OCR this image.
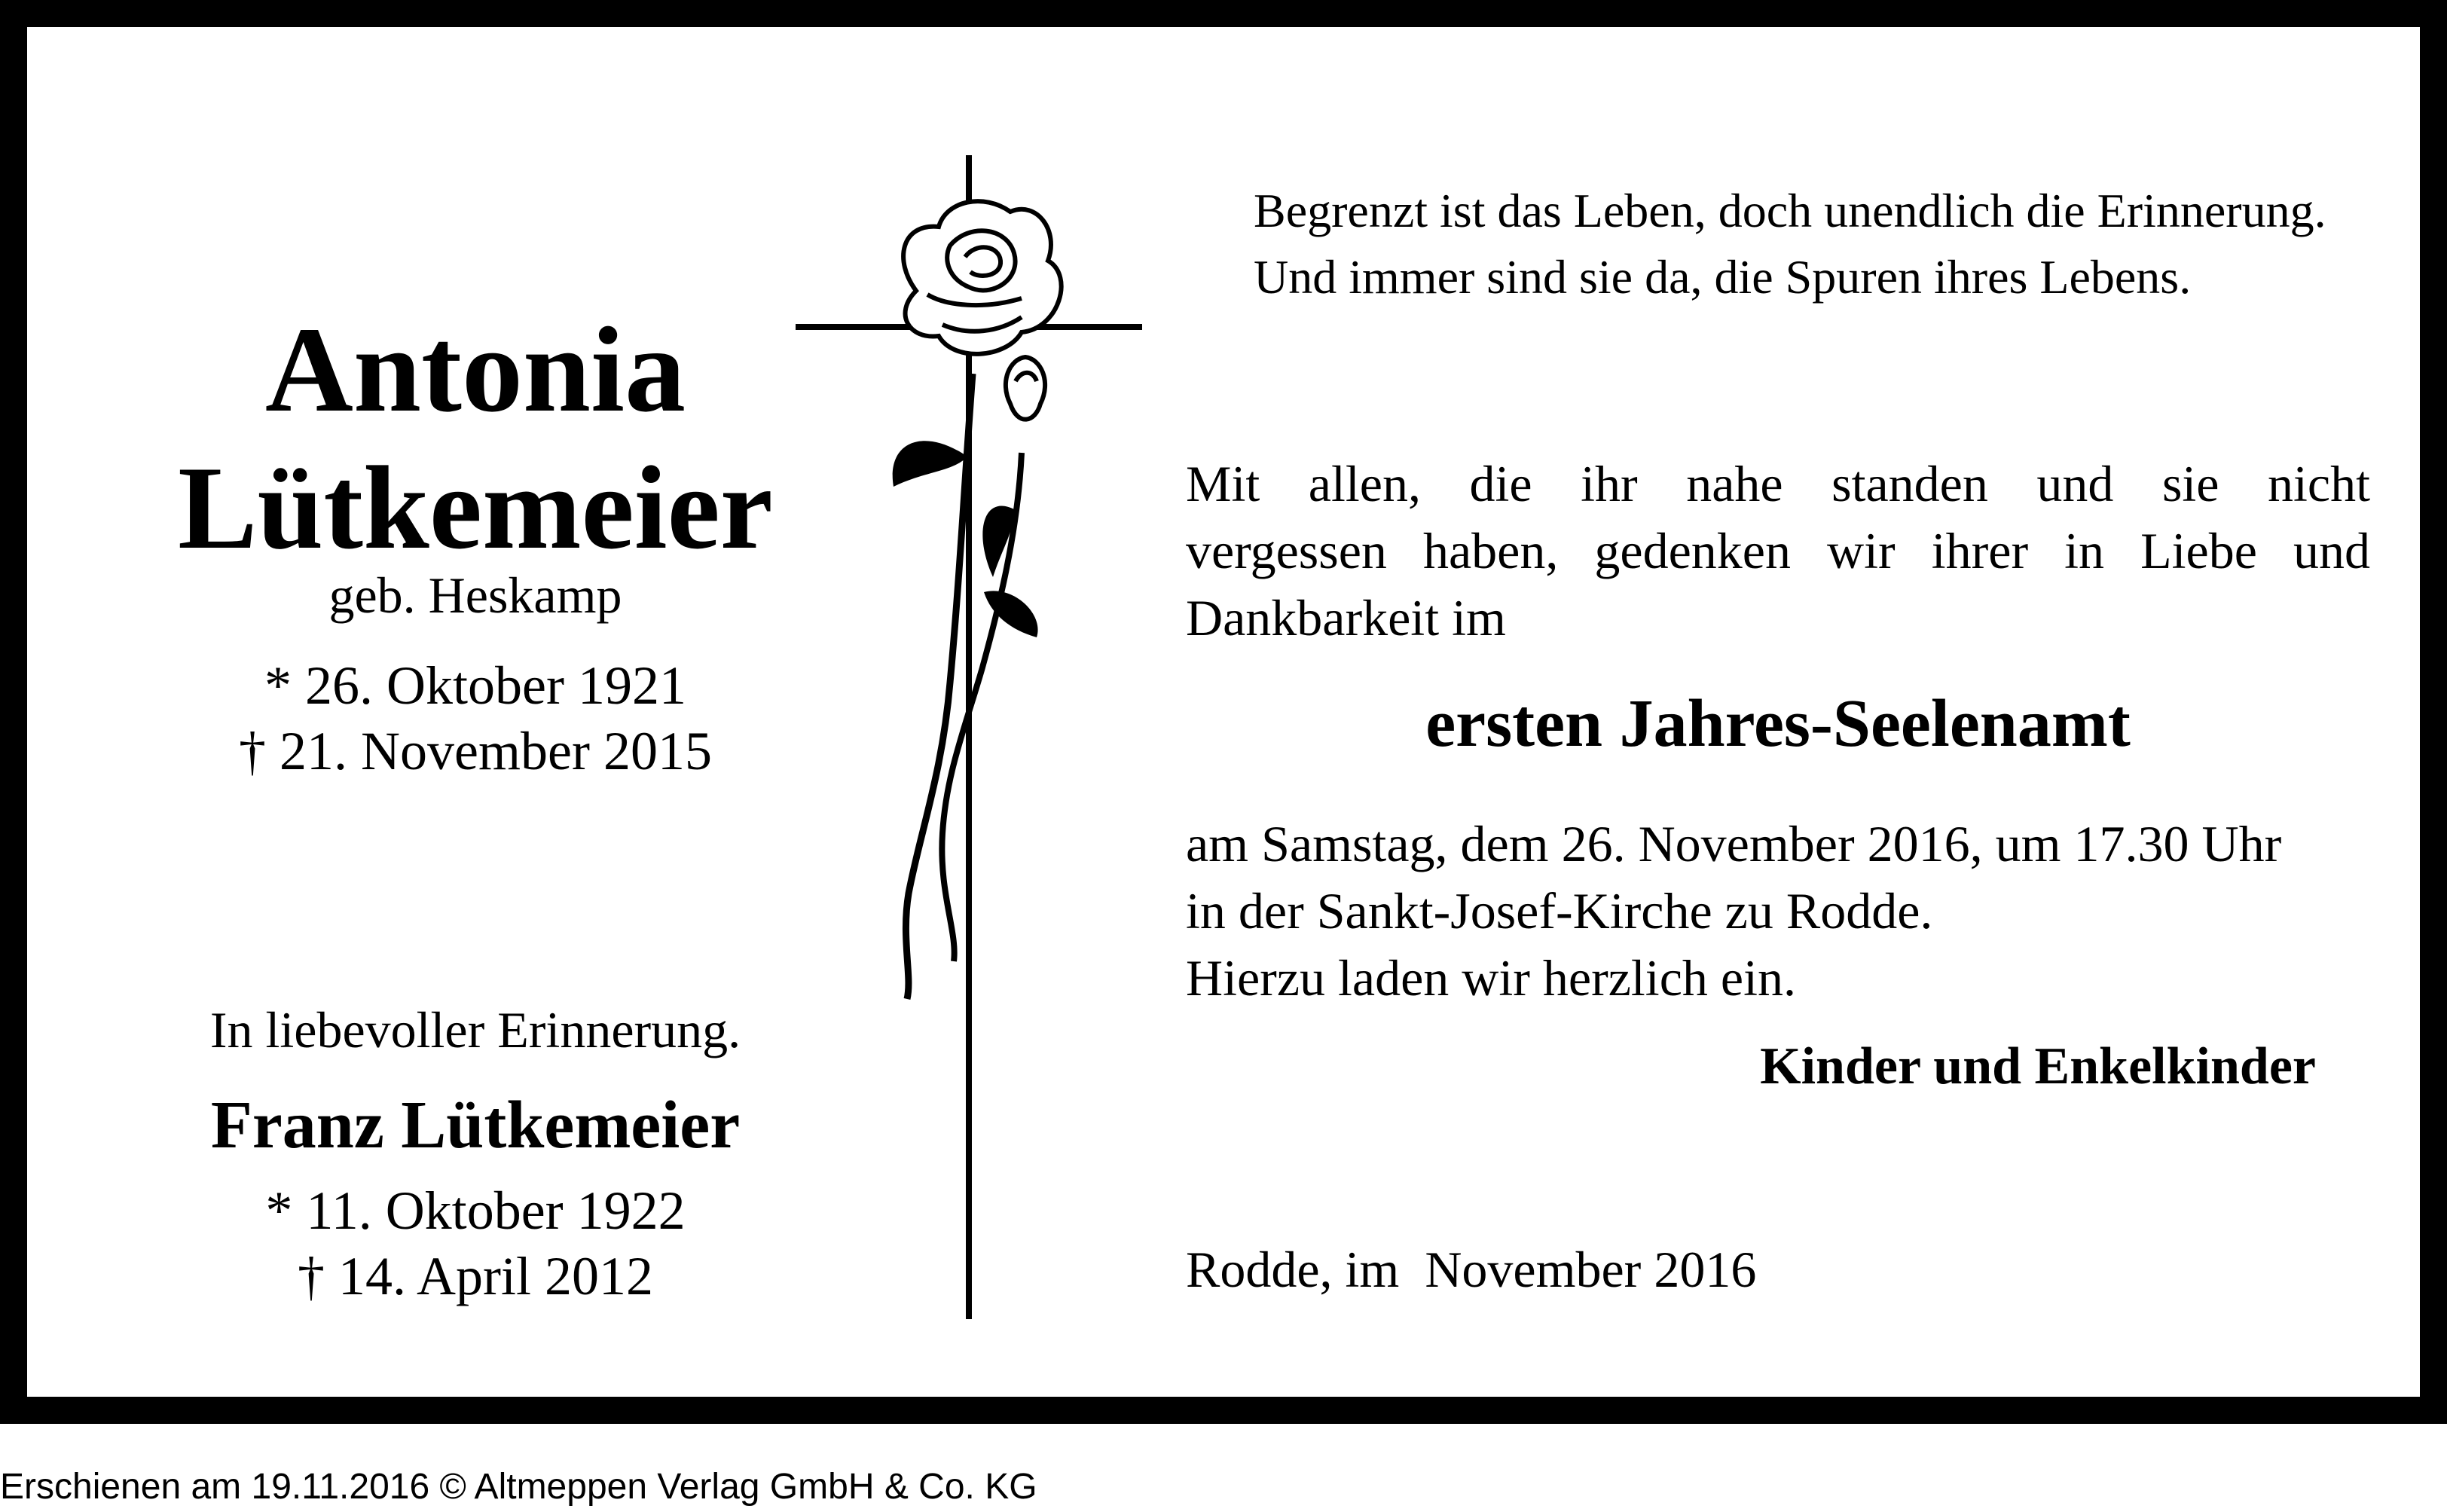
Antonia
Lütkemeier
geb. Heskamp
* 26. Oktober 1921
† 21. November 2015
In liebevoller Erinnerung.
Franz Lütkemeier
* 11. Oktober 1922
† 14. April 2012
Begrenzt ist das Leben, doch unendlich die Erinnerung.
Und immer sind sie da, die Spuren ihres Lebens.
Mit allen, die ihr nahe standen und sie nicht
vergessen haben, gedenken wir ihrer in Liebe und
Dankbarkeit im
ersten Jahres-Seelenamt
am Samstag, dem 26. November 2016, um 17.30 Uhr
in der Sankt-Josef-Kirche zu Rodde.
Hierzu laden wir herzlich ein.
Kinder und Enkelkinder
Rodde, im  November 2016
Erschienen am 19.11.2016 © Altmeppen Verlag GmbH & Co. KG
